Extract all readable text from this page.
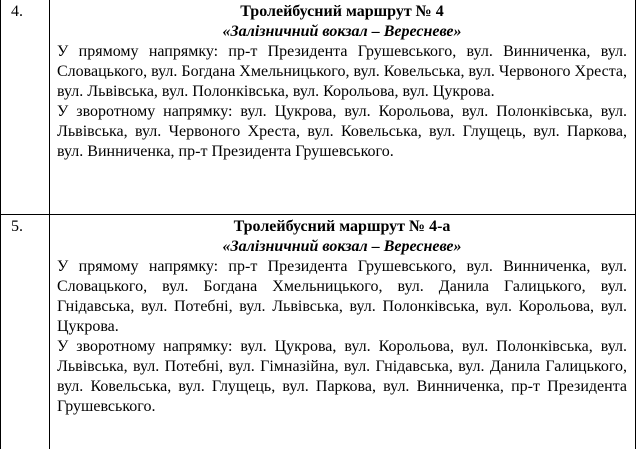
4.	Тролейбусний маршрут № 4

«Залізничний вокзал – Вересневе»

У прямому напрямку: пр-т Президента Грушевського, вул. Винниченка, вул. Словацького, вул. Богдана Хмельницького, вул. Ковельська, вул. Червоного Хреста, вул. Львівська, вул. Полонківська, вул. Корольова, вул. Цукрова.

У зворотному напрямку: вул. Цукрова, вул. Корольова, вул. Полонківська, вул. Львівська, вул. Червоного Хреста, вул. Ковельська, вул. Глущець, вул. Паркова, вул. Винниченка, пр-т Президента Грушевського.

5.	Тролейбусний маршрут № 4-а

«Залізничний вокзал – Вересневе»

У прямому напрямку: пр-т Президента Грушевського, вул. Винниченка, вул. Словацького, вул. Богдана Хмельницького, вул. Данила Галицького, вул. Гнідавська, вул. Потебні, вул. Львівська, вул. Полонківська, вул. Корольова, вул. Цукрова.

У зворотному напрямку: вул. Цукрова, вул. Корольова, вул. Полонківська, вул. Львівська, вул. Потебні, вул. Гімназійна, вул. Гнідавська, вул. Данила Галицького, вул. Ковельська, вул. Глущець, вул. Паркова, вул. Винниченка, пр-т Президента Грушевського.
